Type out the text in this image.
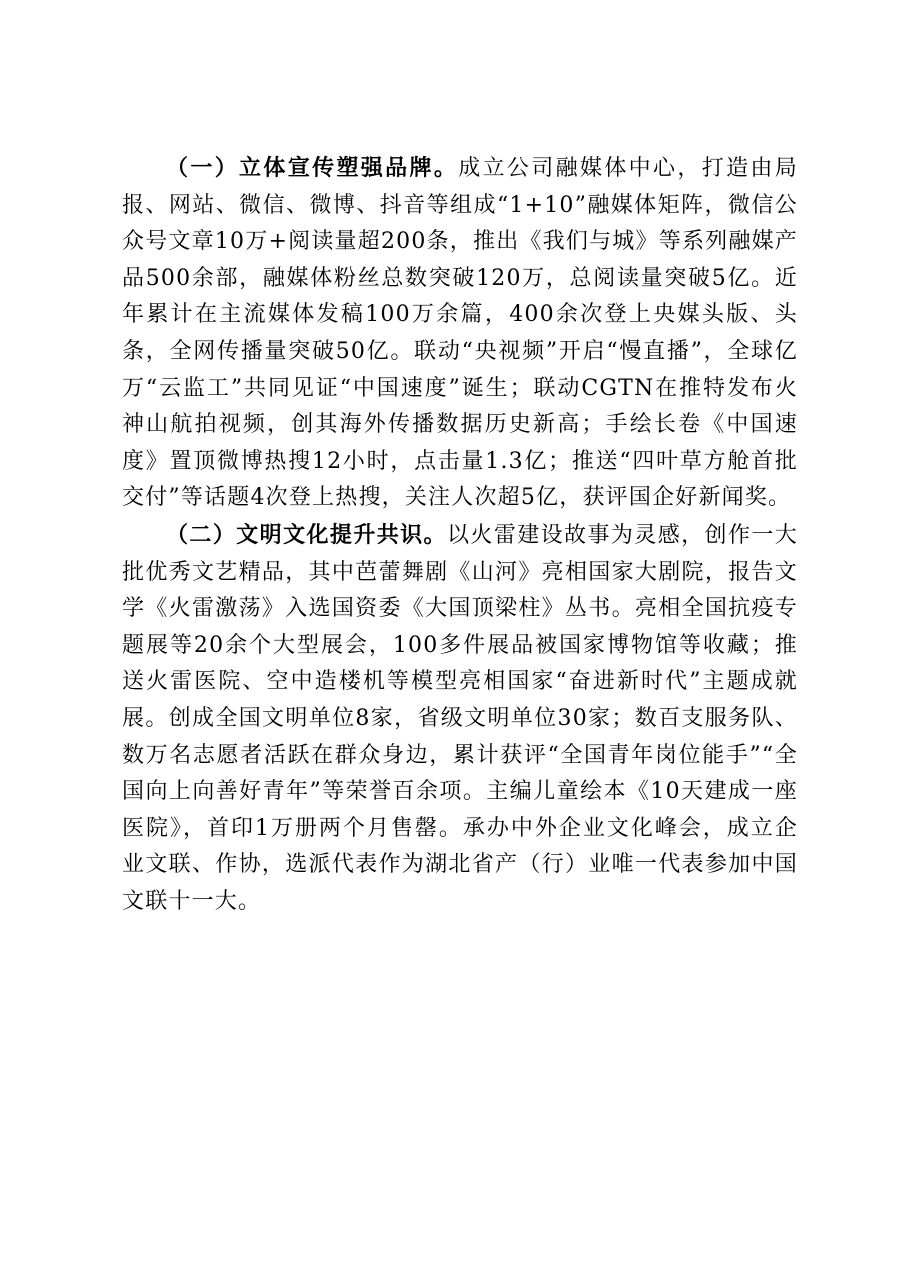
（一）立体宣传塑强品牌。成立公司融媒体中心，打造由局报、网站、微信、微博、抖音等组成“1+10”融媒体矩阵，微信公众号文章10万+阅读量超200条，推出《我们与城》等系列融媒产品500余部，融媒体粉丝总数突破120万，总阅读量突破5亿。近年累计在主流媒体发稿100万余篇，400余次登上央媒头版、头条，全网传播量突破50亿。联动“央视频”开启“慢直播”，全球亿万“云监工”共同见证“中国速度”诞生；联动CGTN在推特发布火神山航拍视频，创其海外传播数据历史新高；手绘长卷《中国速度》置顶微博热搜12小时，点击量1.3亿；推送“四叶草方舱首批交付”等话题4次登上热搜，关注人次超5亿，获评国企好新闻奖。

（二）文明文化提升共识。以火雷建设故事为灵感，创作一大批优秀文艺精品，其中芭蕾舞剧《山河》亮相国家大剧院，报告文学《火雷激荡》入选国资委《大国顶梁柱》丛书。亮相全国抗疫专题展等20余个大型展会，100多件展品被国家博物馆等收藏；推送火雷医院、空中造楼机等模型亮相国家“奋进新时代”主题成就展。创成全国文明单位8家，省级文明单位30家；数百支服务队、数万名志愿者活跃在群众身边，累计获评“全国青年岗位能手”“全国向上向善好青年”等荣誉百余项。主编儿童绘本《10天建成一座医院》，首印1万册两个月售罄。承办中外企业文化峰会，成立企业文联、作协，选派代表作为湖北省产（行）业唯一代表参加中国文联十一大。
